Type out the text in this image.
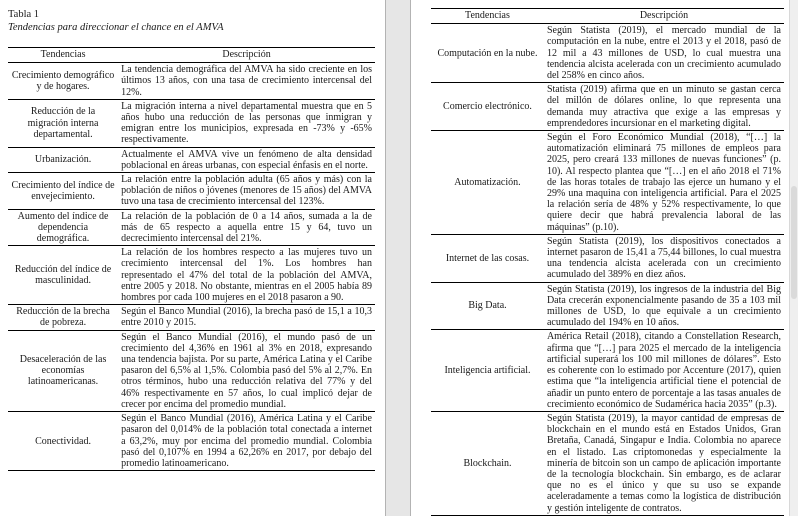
Tabla 1
Tendencias para direccionar el chance en el AMVA
Tendencias	Descripción
Crecimiento demográfico y de hogares.	La tendencia demográfica del AMVA ha sido creciente en los últimos 13 años, con una tasa de crecimiento intercensal del 12%.
Reducción de la migración interna departamental.	La migración interna a nivel departamental muestra que en 5 años hubo una reducción de las personas que inmigran y emigran entre los municipios, expresada en -73% y -65% respectivamente.
Urbanización.	Actualmente el AMVA vive un fenómeno de alta densidad poblacional en áreas urbanas, con especial énfasis en el norte.
Crecimiento del índice de envejecimiento.	La relación entre la población adulta (65 años y más) con la población de niños o jóvenes (menores de 15 años) del AMVA tuvo una tasa de crecimiento intercensal del 123%.
Aumento del índice de dependencia demográfica.	La relación de la población de 0 a 14 años, sumada a la de más de 65 respecto a aquella entre 15 y 64, tuvo un decrecimiento intercensal del 21%.
Reducción del índice de masculinidad.	La relación de los hombres respecto a las mujeres tuvo un crecimiento intercensal del 1%. Los hombres han representado el 47% del total de la población del AMVA, entre 2005 y 2018. No obstante, mientras en el 2005 había 89 hombres por cada 100 mujeres en el 2018 pasaron a 90.
Reducción de la brecha de pobreza.	Según el Banco Mundial (2016), la brecha pasó de 15,1 a 10,3 entre 2010 y 2015.
Desaceleración de las economías latinoamericanas.	Según el Banco Mundial (2016), el mundo pasó de un crecimiento del 4,36% en 1961 al 3% en 2018, expresando una tendencia bajista. Por su parte, América Latina y el Caribe pasaron del 6,5% al 1,5%. Colombia pasó del 5% al 2,7%. En otros términos, hubo una reducción relativa del 77% y del 46% respectivamente en 57 años, lo cual implicó dejar de crecer por encima del promedio mundial.
Conectividad.	Según el Banco Mundial (2016), América Latina y el Caribe pasaron del 0,014% de la población total conectada a internet a 63,2%, muy por encima del promedio mundial. Colombia pasó del 0,107% en 1994 a 62,26% en 2017, por debajo del promedio latinoamericano.
Tendencias	Descripción
Computación en la nube.	Según Statista (2019), el mercado mundial de la computación en la nube, entre el 2013 y el 2018, pasó de 12 mil a 43 millones de USD, lo cual muestra una tendencia alcista acelerada con un crecimiento acumulado del 258% en cinco años.
Comercio electrónico.	Statista (2019) afirma que en un minuto se gastan cerca del millón de dólares online, lo que representa una demanda muy atractiva que exige a las empresas y emprendedores incursionar en el marketing digital.
Automatización.	Según el Foro Económico Mundial (2018), “[…] la automatización eliminará 75 millones de empleos para 2025, pero creará 133 millones de nuevas funciones” (p. 10). Al respecto plantea que “[…] en el año 2018 el 71% de las horas totales de trabajo las ejerce un humano y el 29% una maquina con inteligencia artificial. Para el 2025 la relación sería de 48% y 52% respectivamente, lo que quiere decir que habrá prevalencia laboral de las máquinas” (p.10).
Internet de las cosas.	Según Statista (2019), los dispositivos conectados a internet pasaron de 15,41 a 75,44 billones, lo cual muestra una tendencia alcista acelerada con un crecimiento acumulado del 389% en diez años.
Big Data.	Según Statista (2019), los ingresos de la industria del Big Data crecerán exponencialmente pasando de 35 a 103 mil millones de USD, lo que equivale a un crecimiento acumulado del 194% en 10 años.
Inteligencia artificial.	América Retail (2018), citando a Constellation Research, afirma que “[…] para 2025 el mercado de la inteligencia artificial superará los 100 mil millones de dólares”. Esto es coherente con lo estimado por Accenture (2017), quien estima que “la inteligencia artificial tiene el potencial de añadir un punto entero de porcentaje a las tasas anuales de crecimiento económico de Sudamérica hacia 2035” (p.3).
Blockchain.	Según Statista (2019), la mayor cantidad de empresas de blockchain en el mundo está en Estados Unidos, Gran Bretaña, Canadá, Singapur e India. Colombia no aparece en el listado. Las criptomonedas y especialmente la minería de bitcoin son un campo de aplicación importante de la tecnología blockchain. Sin embargo, es de aclarar que no es el único y que su uso se expande aceleradamente a temas como la logística de distribución y gestión inteligente de contratos.
